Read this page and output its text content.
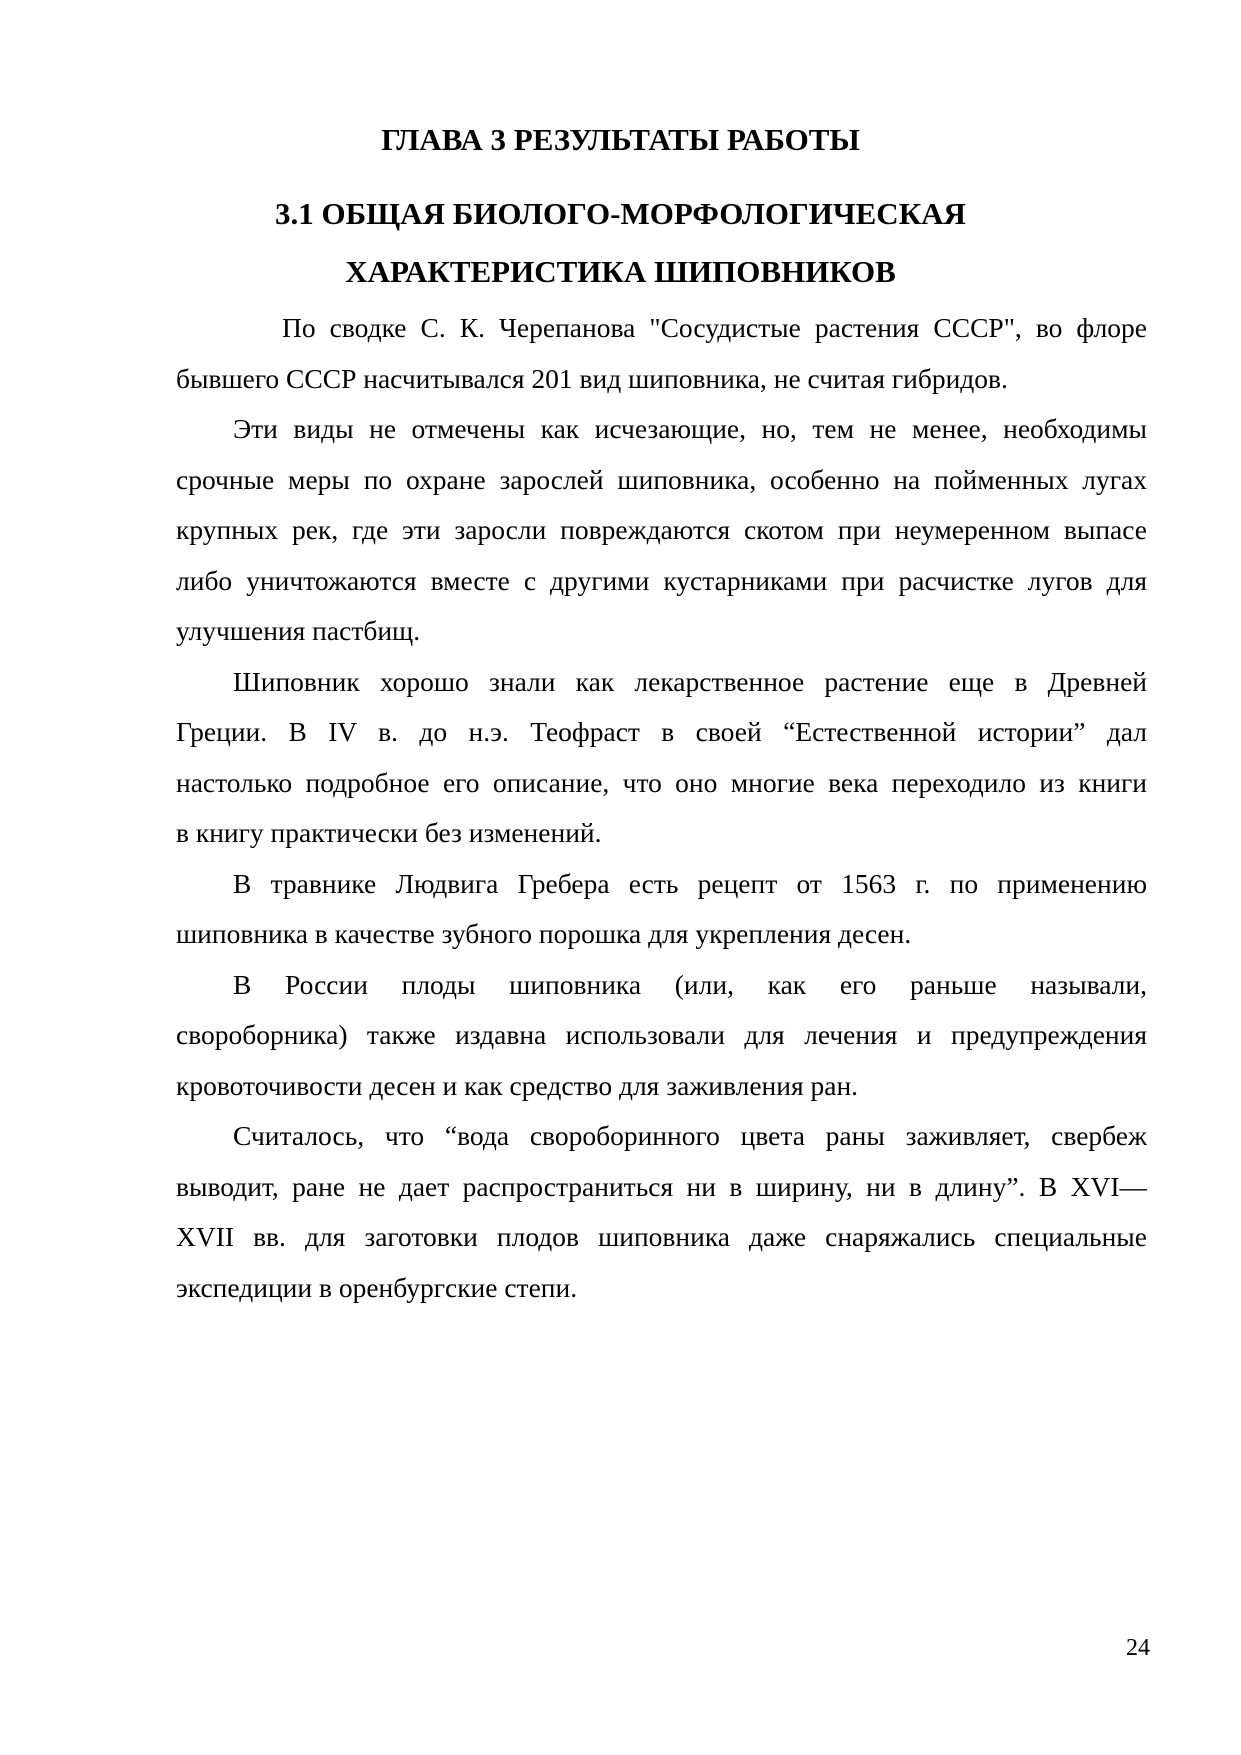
ГЛАВА 3 РЕЗУЛЬТАТЫ РАБОТЫ
3.1 ОБЩАЯ БИОЛОГО-МОРФОЛОГИЧЕСКАЯ
ХАРАКТЕРИСТИКА ШИПОВНИКОВ
По сводке С. К. Черепанова "Сосудистые растения СССР", во флоре
бывшего СССР насчитывался 201 вид шиповника, не считая гибридов.
Эти виды не отмечены как исчезающие, но, тем не менее, необходимы
срочные меры по охране зарослей шиповника, особенно на пойменных лугах
крупных рек, где эти заросли повреждаются скотом при неумеренном выпасе
либо уничтожаются вместе с другими кустарниками при расчистке лугов для
улучшения пастбищ.
Шиповник хорошо знали как лекарственное растение еще в Древней
Греции. В IV в. до н.э. Теофраст в своей “Естественной истории” дал
настолько подробное его описание, что оно многие века переходило из книги
в книгу практически без изменений.
В травнике Людвига Гребера есть рецепт от 1563 г. по применению
шиповника в качестве зубного порошка для укрепления десен.
В России плоды шиповника (или, как его раньше называли,
свороборника) также издавна использовали для лечения и предупреждения
кровоточивости десен и как средство для заживления ран.
Считалось, что “вода свороборинного цвета раны заживляет, свербеж
выводит, ране не дает распространиться ни в ширину, ни в длину”. В XVI—
XVII вв. для заготовки плодов шиповника даже снаряжались специальные
экспедиции в оренбургские степи.
24
